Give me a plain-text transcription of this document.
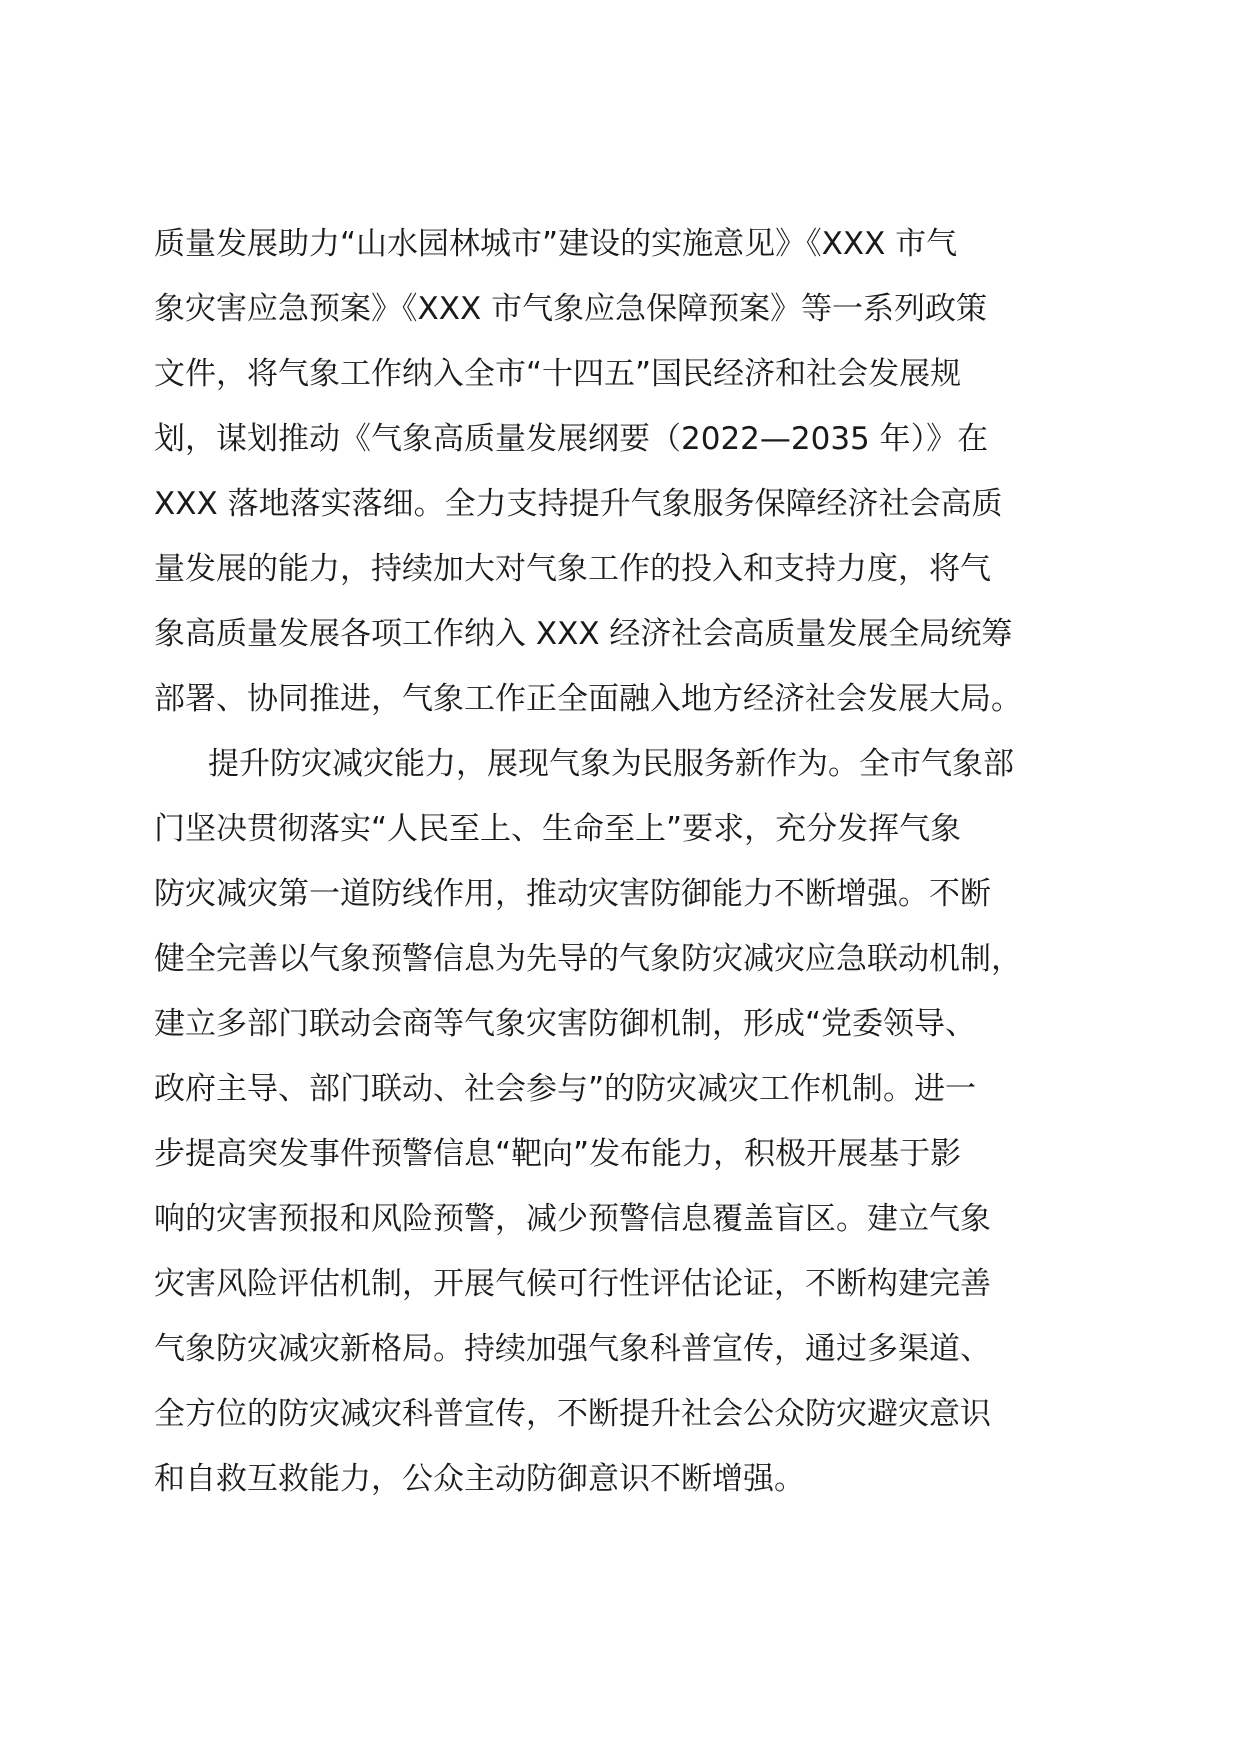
质量发展助力“山水园林城市”建设的实施意见》《XXX 市气
象灾害应急预案》《XXX 市气象应急保障预案》等一系列政策
文件，将气象工作纳入全市“十四五”国民经济和社会发展规
划，谋划推动《气象高质量发展纲要（2022—2035 年）》在
XXX 落地落实落细。全力支持提升气象服务保障经济社会高质
量发展的能力，持续加大对气象工作的投入和支持力度，将气
象高质量发展各项工作纳入 XXX 经济社会高质量发展全局统筹
部署、协同推进，气象工作正全面融入地方经济社会发展大局。
提升防灾减灾能力，展现气象为民服务新作为。全市气象部
门坚决贯彻落实“人民至上、生命至上”要求，充分发挥气象
防灾减灾第一道防线作用，推动灾害防御能力不断增强。不断
健全完善以气象预警信息为先导的气象防灾减灾应急联动机制，
建立多部门联动会商等气象灾害防御机制，形成“党委领导、
政府主导、部门联动、社会参与”的防灾减灾工作机制。进一
步提高突发事件预警信息“靶向”发布能力，积极开展基于影
响的灾害预报和风险预警，减少预警信息覆盖盲区。建立气象
灾害风险评估机制，开展气候可行性评估论证，不断构建完善
气象防灾减灾新格局。持续加强气象科普宣传，通过多渠道、
全方位的防灾减灾科普宣传，不断提升社会公众防灾避灾意识
和自救互救能力，公众主动防御意识不断增强。
